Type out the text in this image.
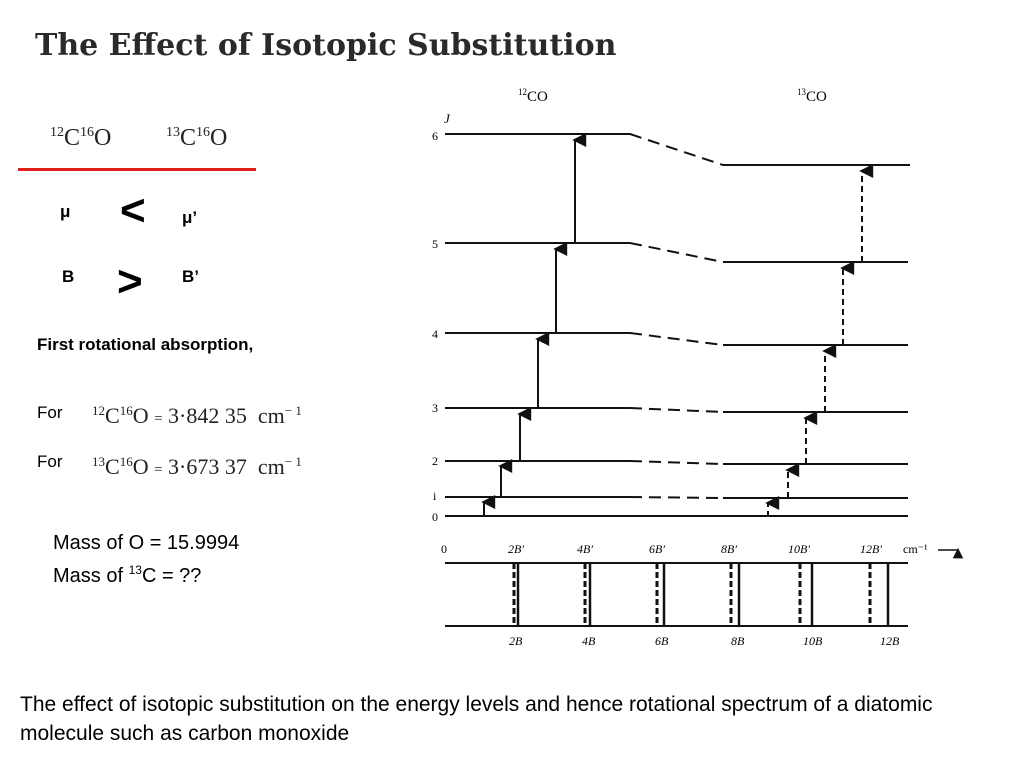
The Effect of Isotopic Substitution
$^{12}C^{16}O$	$^{13}C^{16}O$
μ < μ’
B > B’
First rotational absorption,
For $^{12}C^{16}O = 3\cdot 842$ 35 $cm^{- 1}$
For $^{13}C^{16}O = 3\cdot 673$ 37 $cm^{- 1}$
Mass of O = 15.9994
Mass of $^{13}$C = ??
$^{12}$CO	$^{13}$CO
J
6
5
4
3
2
i
0
0	2B′	4B′	6B′	8B′	10B′	12B′ cm⁻¹
2B	4B	6B	8B	10B	12B
The effect of isotopic substitution on the energy levels and hence rotational spectrum of a diatomic molecule such as carbon monoxide
